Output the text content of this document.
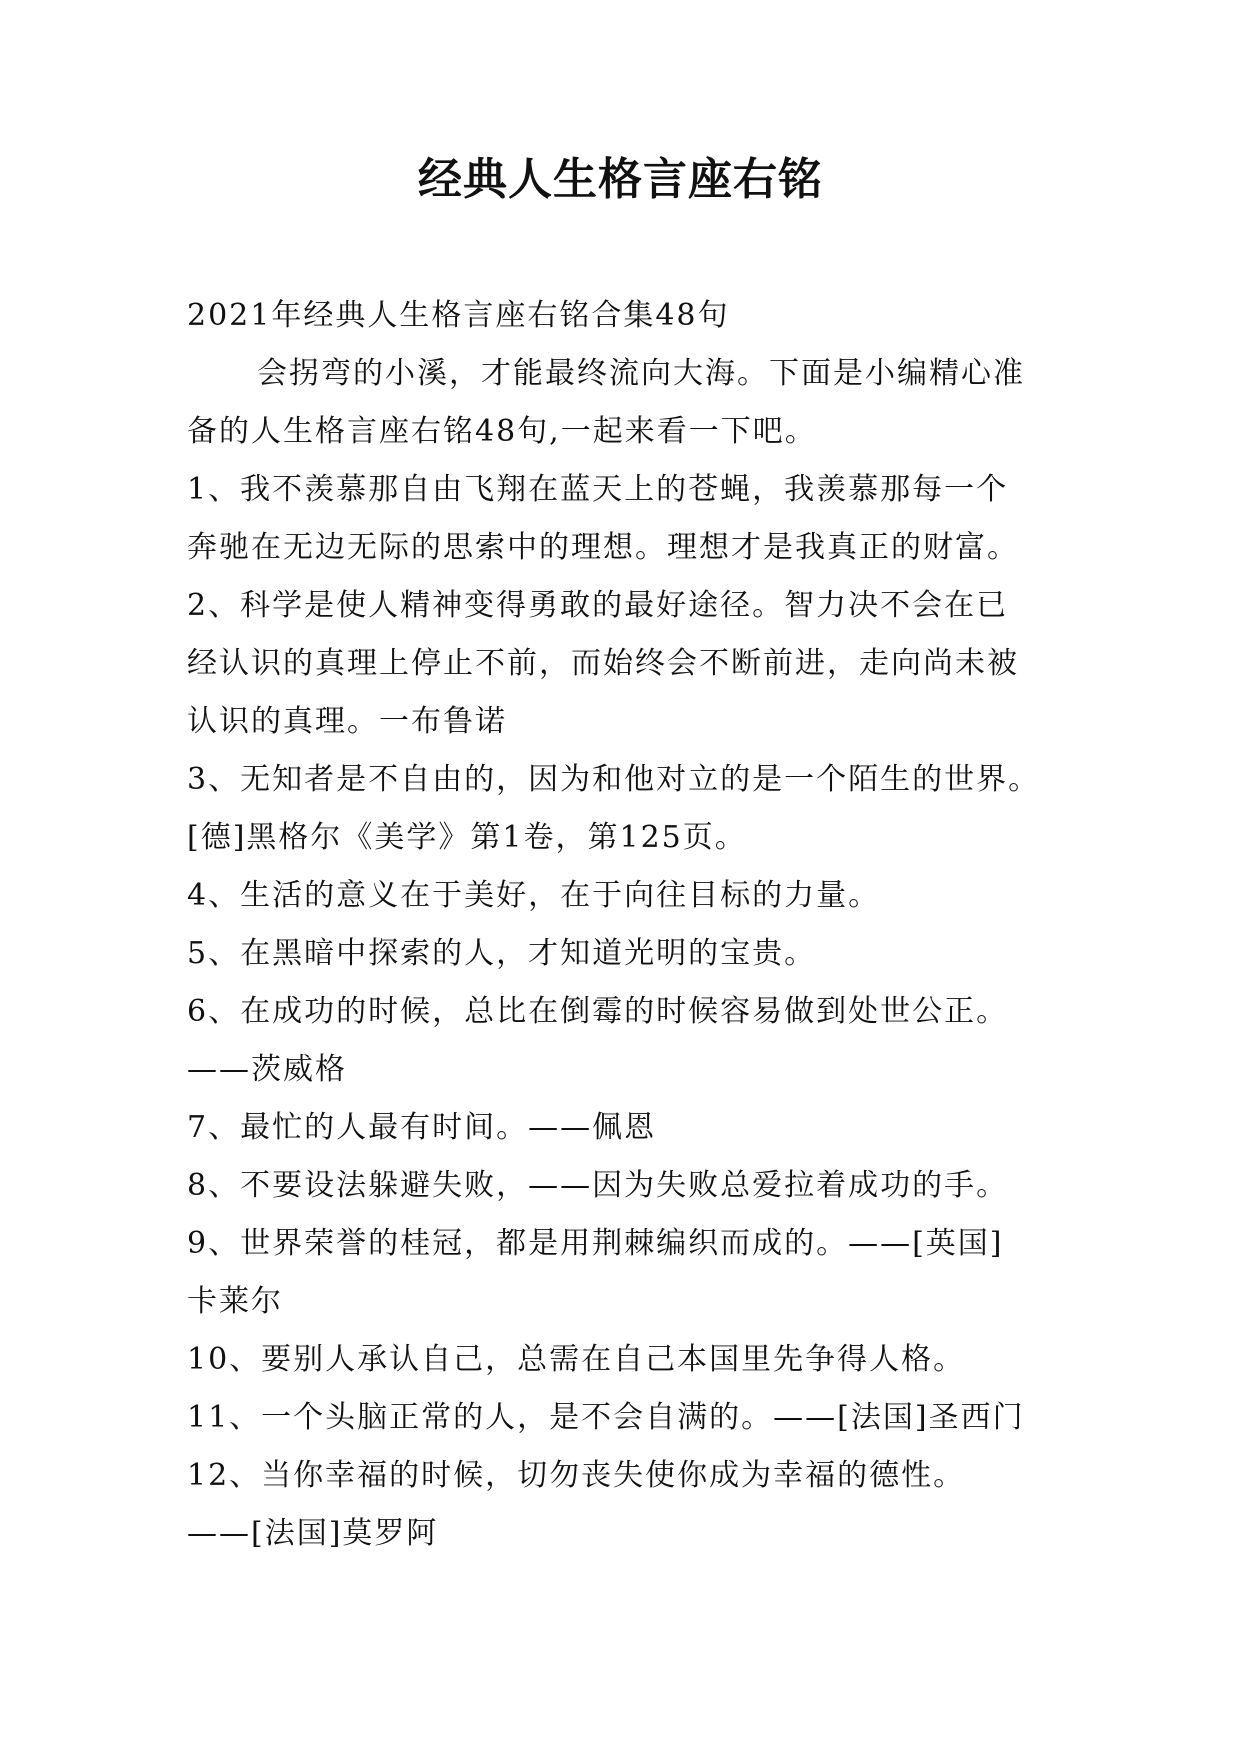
经典人生格言座右铭
2021年经典人生格言座右铭合集48句
会拐弯的小溪，才能最终流向大海。下面是小编精心准
备的人生格言座右铭48句,一起来看一下吧。
1、我不羡慕那自由飞翔在蓝天上的苍蝇，我羡慕那每一个
奔驰在无边无际的思索中的理想。理想才是我真正的财富。
2、科学是使人精神变得勇敢的最好途径。智力决不会在已
经认识的真理上停止不前，而始终会不断前进，走向尚未被
认识的真理。一布鲁诺
3、无知者是不自由的，因为和他对立的是一个陌生的世界。
[德]黑格尔《美学》第1卷，第125页。
4、生活的意义在于美好，在于向往目标的力量。
5、在黑暗中探索的人，才知道光明的宝贵。
6、在成功的时候，总比在倒霉的时候容易做到处世公正。
——茨威格
7、最忙的人最有时间。——佩恩
8、不要设法躲避失败，——因为失败总爱拉着成功的手。
9、世界荣誉的桂冠，都是用荆棘编织而成的。——[英国]
卡莱尔
10、要别人承认自己，总需在自己本国里先争得人格。
11、一个头脑正常的人，是不会自满的。——[法国]圣西门
12、当你幸福的时候，切勿丧失使你成为幸福的德性。
——[法国]莫罗阿
